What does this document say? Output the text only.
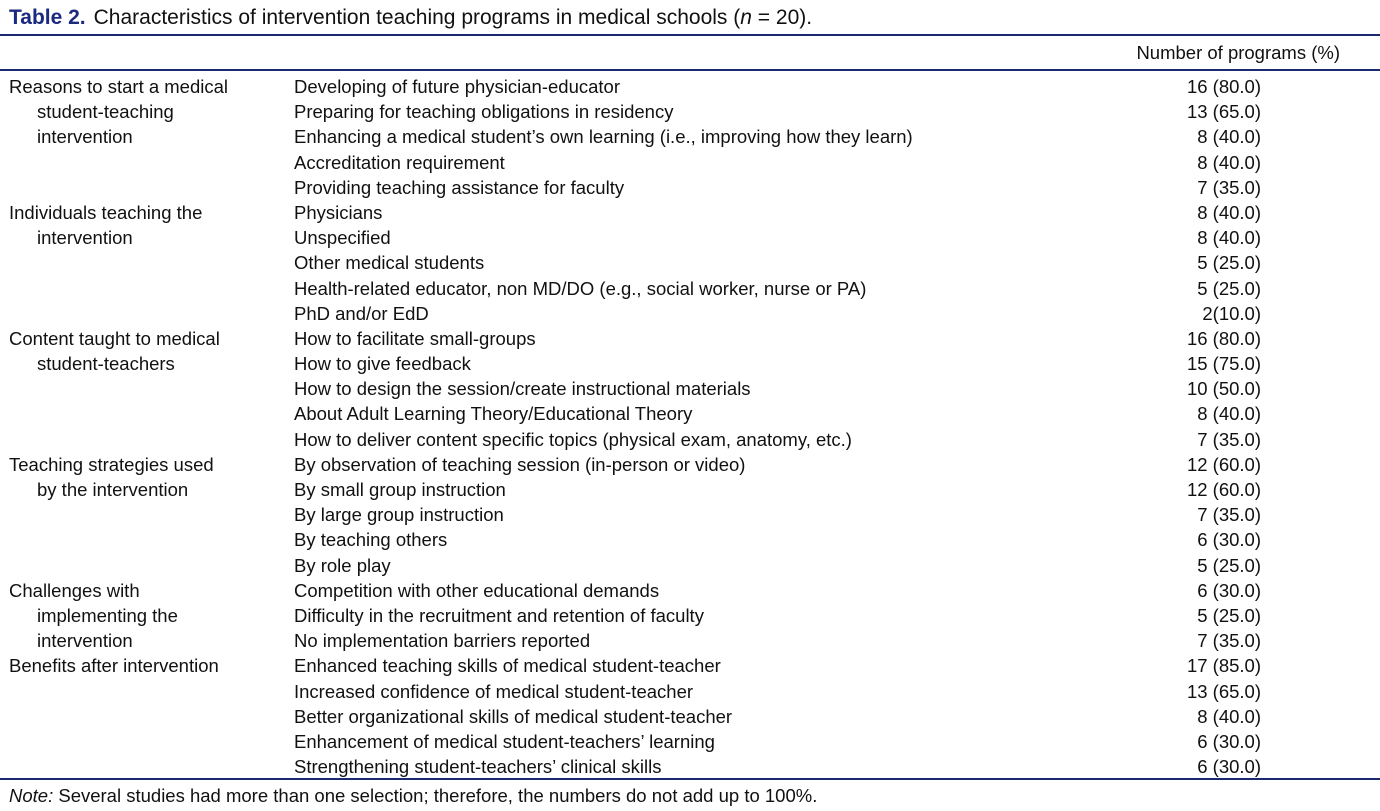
Table 2. Characteristics of intervention teaching programs in medical schools (n = 20).
Number of programs (%)
Reasons to start a medical	Developing of future physician-educator	16 (80.0)
student-teaching	Preparing for teaching obligations in residency	13 (65.0)
intervention	Enhancing a medical student’s own learning (i.e., improving how they learn)	8 (40.0)
Accreditation requirement	8 (40.0)
Providing teaching assistance for faculty	7 (35.0)
Individuals teaching the	Physicians	8 (40.0)
intervention	Unspecified	8 (40.0)
Other medical students	5 (25.0)
Health-related educator, non MD/DO (e.g., social worker, nurse or PA)	5 (25.0)
PhD and/or EdD	2(10.0)
Content taught to medical	How to facilitate small-groups	16 (80.0)
student-teachers	How to give feedback	15 (75.0)
How to design the session/create instructional materials	10 (50.0)
About Adult Learning Theory/Educational Theory	8 (40.0)
How to deliver content specific topics (physical exam, anatomy, etc.)	7 (35.0)
Teaching strategies used	By observation of teaching session (in-person or video)	12 (60.0)
by the intervention	By small group instruction	12 (60.0)
By large group instruction	7 (35.0)
By teaching others	6 (30.0)
By role play	5 (25.0)
Challenges with	Competition with other educational demands	6 (30.0)
implementing the	Difficulty in the recruitment and retention of faculty	5 (25.0)
intervention	No implementation barriers reported	7 (35.0)
Benefits after intervention	Enhanced teaching skills of medical student-teacher	17 (85.0)
Increased confidence of medical student-teacher	13 (65.0)
Better organizational skills of medical student-teacher	8 (40.0)
Enhancement of medical student-teachers’ learning	6 (30.0)
Strengthening student-teachers’ clinical skills	6 (30.0)
Note: Several studies had more than one selection; therefore, the numbers do not add up to 100%.
